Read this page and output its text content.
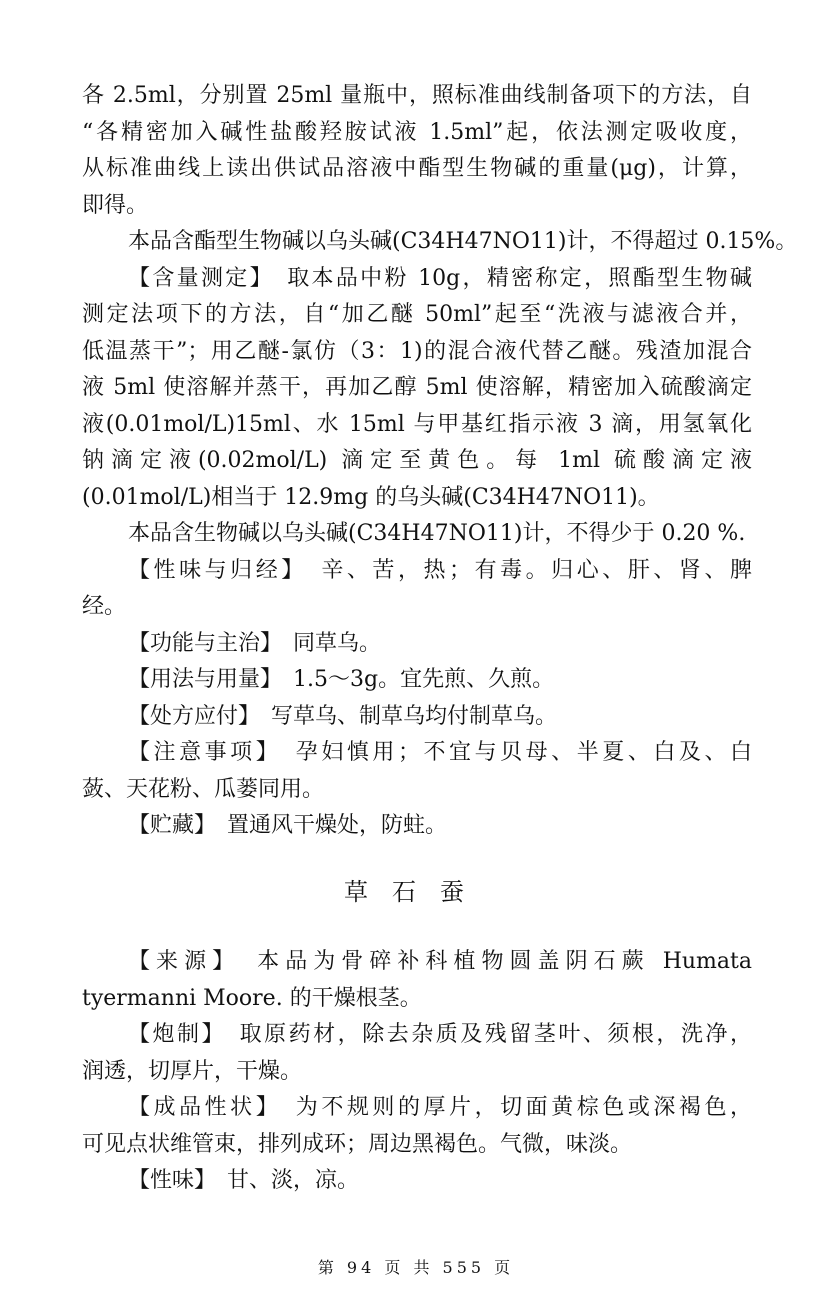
各 2.5ml，分别置 25ml 量瓶中，照标准曲线制备项下的方法，自
“各精密加入碱性盐酸羟胺试液 1.5ml”起，依法测定吸收度，
从标准曲线上读出供试品溶液中酯型生物碱的重量(μg)，计算，
即得。
本品含酯型生物碱以乌头碱(C34H47NO11)计，不得超过 0.15%。
【含量测定】　取本品中粉 10g，精密称定，照酯型生物碱
测定法项下的方法，自“加乙醚 50ml”起至“洗液与滤液合并，
低温蒸干”；用乙醚-氯仿（3：1)的混合液代替乙醚。残渣加混合
液 5ml 使溶解并蒸干，再加乙醇 5ml 使溶解，精密加入硫酸滴定
液(0.01mol/L)15ml、水 15ml 与甲基红指示液 3 滴，用氢氧化
钠滴定液(0.02mol/L) 滴定至黄色。每 1ml 硫酸滴定液
(0.01mol/L)相当于 12.9mg 的乌头碱(C34H47NO11)。
本品含生物碱以乌头碱(C34H47NO11)计，不得少于 0.20 %.
【性味与归经】　辛、苦，热；有毒。归心、肝、肾、脾
经。
【功能与主治】　同草乌。
【用法与用量】　1.5～3g。宜先煎、久煎。
【处方应付】　写草乌、制草乌均付制草乌。
【注意事项】　孕妇慎用；不宜与贝母、半夏、白及、白
蔹、天花粉、瓜蒌同用。
【贮藏】　置通风干燥处，防蛀。
草石蚕
【来源】　本品为骨碎补科植物圆盖阴石蕨 Humata
tyermanni Moore. 的干燥根茎。
【炮制】　取原药材，除去杂质及残留茎叶、须根，洗净，
润透，切厚片，干燥。
【成品性状】　为不规则的厚片，切面黄棕色或深褐色，
可见点状维管束，排列成环；周边黑褐色。气微，味淡。
【性味】　甘、淡，凉。
第 94 页 共 555 页
